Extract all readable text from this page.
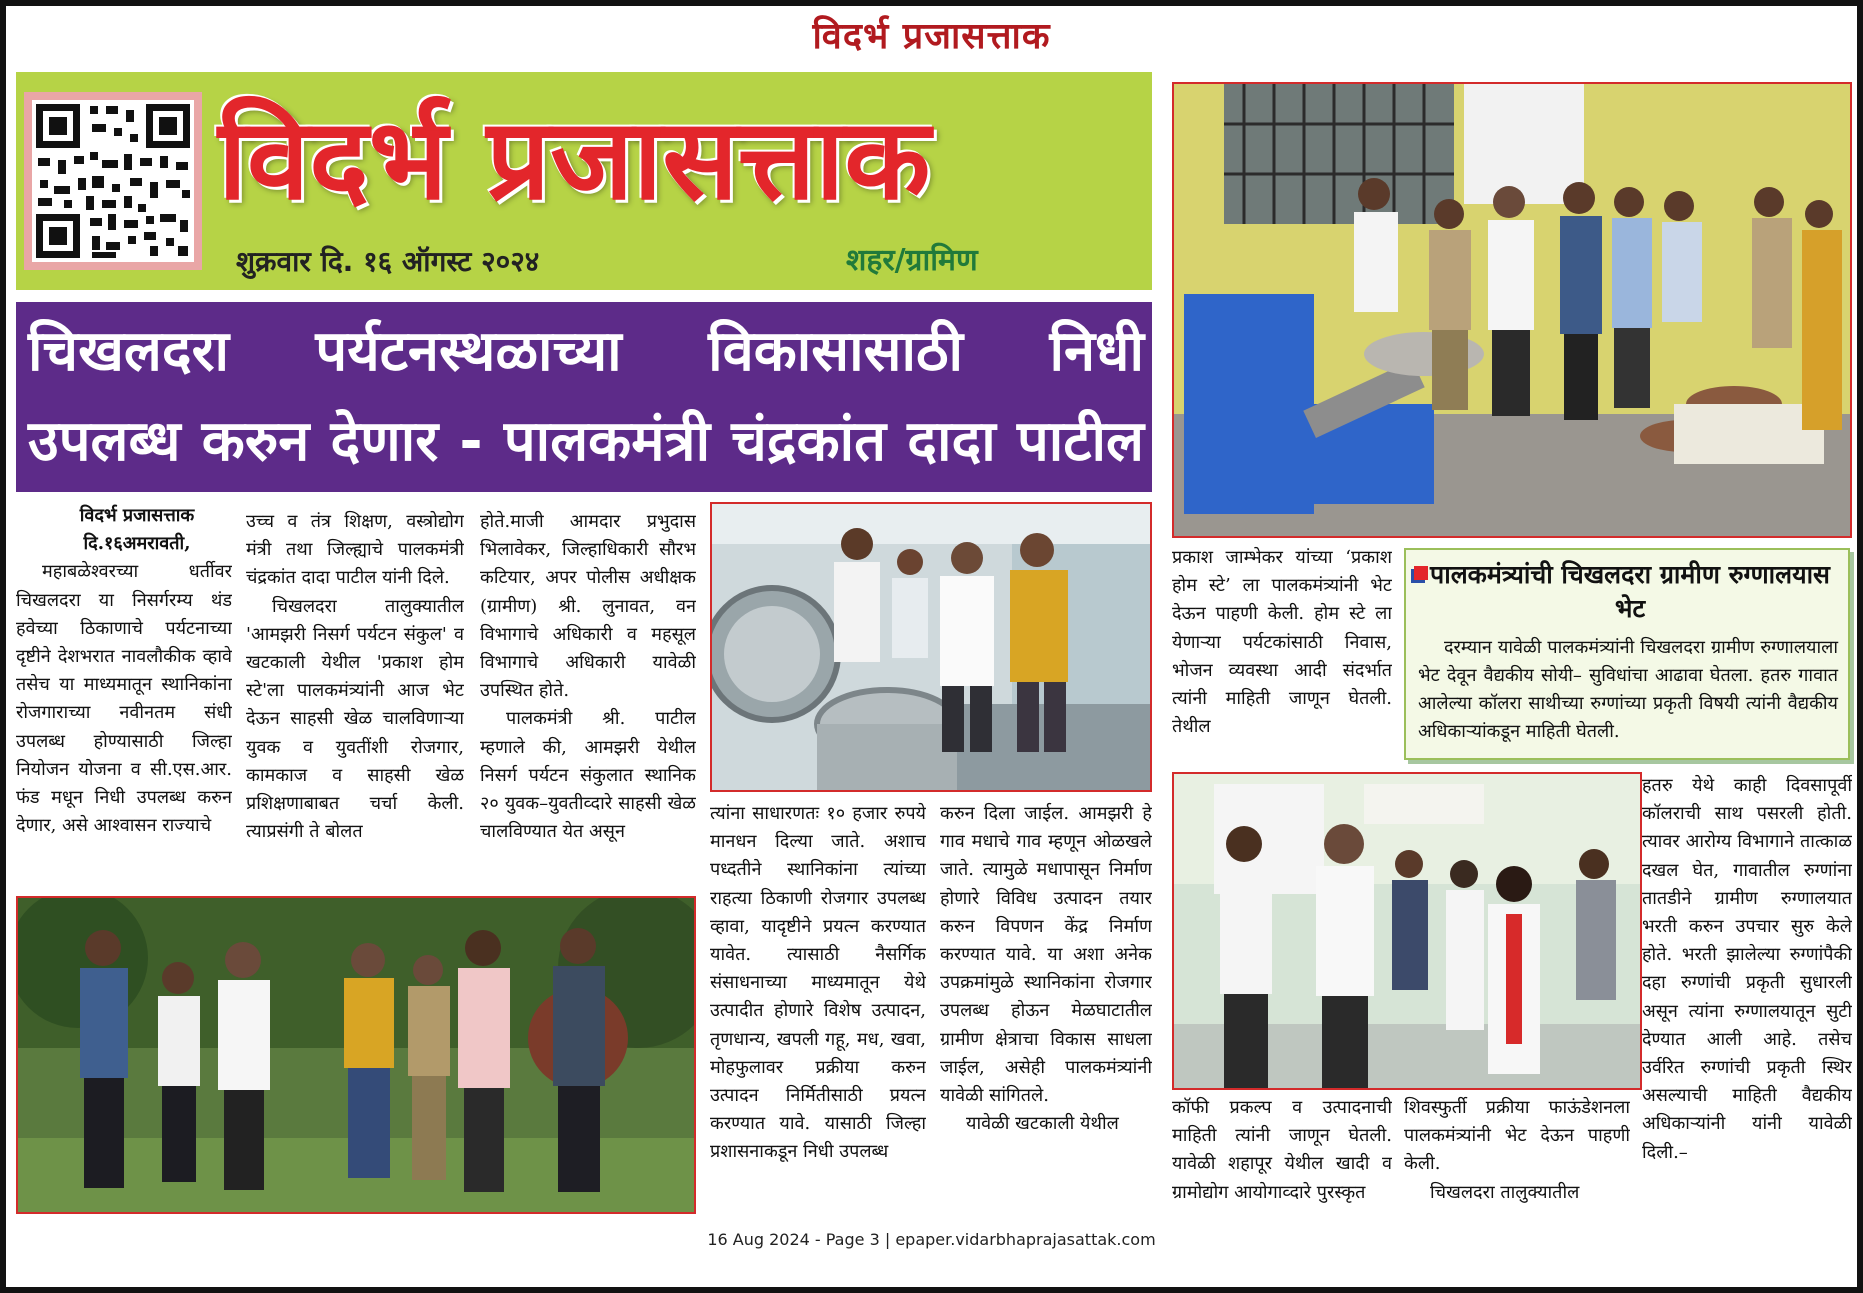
विदर्भ प्रजासत्ताक
विदर्भ प्रजासत्ताक
शुक्रवार दि. १६ ऑगस्ट २०२४	शहर/ग्रामिण
चिखलदरा पर्यटनस्थळाच्या विकासासाठी निधी
उपलब्ध करुन देणार - पालकमंत्री चंद्रकांत दादा पाटील

विदर्भ प्रजासत्ताक

दि.१६अमरावती,

महाबळेश्वरच्या धर्तीवर चिखलदरा या निसर्गरम्य थंड हवेच्या ठिकाणाचे पर्यटनाच्या दृष्टीने देशभरात नावलौकीक व्हावे तसेच या माध्यमातून स्थानिकांना रोजगाराच्या नवीनतम संधी उपलब्ध होण्यासाठी जिल्हा नियोजन योजना व सी.एस.आर. फंड मधून निधी उपलब्ध करुन देणार, असे आश्वासन राज्याचे

उच्च व तंत्र शिक्षण, वस्त्रोद्योग मंत्री तथा जिल्ह्याचे पालकमंत्री चंद्रकांत दादा पाटील यांनी दिले.

चिखलदरा तालुक्यातील 'आमझरी निसर्ग पर्यटन संकुल' व खटकाली येथील 'प्रकाश होम स्टे'ला पालकमंत्र्यांनी आज भेट देऊन साहसी खेळ चालविणाऱ्या युवक व युवतींशी रोजगार, कामकाज व साहसी खेळ प्रशिक्षणाबाबत चर्चा केली. त्याप्रसंगी ते बोलत

होते.माजी आमदार प्रभुदास भिलावेकर, जिल्हाधिकारी सौरभ कटियार, अपर पोलीस अधीक्षक (ग्रामीण) श्री. लुनावत, वन विभागाचे अधिकारी व महसूल विभागाचे अधिकारी यावेळी उपस्थित होते.

पालकमंत्री श्री. पाटील म्हणाले की, आमझरी येथील निसर्ग पर्यटन संकुलात स्थानिक २० युवक–युवतीव्दारे साहसी खेळ चालविण्यात येत असून

त्यांना साधारणतः १० हजार रुपये मानधन दिल्या जाते. अशाच पध्दतीने स्थानिकांना त्यांच्या राहत्या ठिकाणी रोजगार उपलब्ध व्हावा, यादृष्टीने प्रयत्न करण्यात यावेत. त्यासाठी नैसर्गिक संसाधनाच्या माध्यमातून येथे उत्पादीत होणारे विशेष उत्पादन, तृणधान्य, खपली गहू, मध, खवा, मोहफुलावर प्रक्रीया करुन उत्पादन निर्मितीसाठी प्रयत्न करण्यात यावे. यासाठी जिल्हा प्रशासनाकडून निधी उपलब्ध

करुन दिला जाईल. आमझरी हे गाव मधाचे गाव म्हणून ओळखले जाते. त्यामुळे मधापासून निर्माण होणारे विविध उत्पादन तयार करुन विपणन केंद्र निर्माण करण्यात यावे. या अशा अनेक उपक्रमांमुळे स्थानिकांना रोजगार उपलब्ध होऊन मेळघाटातील ग्रामीण क्षेत्राचा विकास साधला जाईल, असेही पालकमंत्र्यांनी यावेळी सांगितले.

यावेळी खटकाली येथील

प्रकाश जाम्भेकर यांच्या ‘प्रकाश होम स्टे’ ला पालकमंत्र्यांनी भेट देऊन पाहणी केली. होम स्टे ला येणाऱ्या पर्यटकांसाठी निवास, भोजन व्यवस्था आदी संदर्भात त्यांनी माहिती जाणून घेतली. तेथील

पालकमंत्र्यांची चिखलदरा ग्रामीण रुग्णालयास भेट

दरम्यान यावेळी पालकमंत्र्यांनी चिखलदरा ग्रामीण रुग्णालयाला भेट देवून वैद्यकीय सोयी– सुविधांचा आढावा घेतला. हतरु गावात आलेल्या कॉलरा साथीच्या रुग्णांच्या प्रकृती विषयी त्यांनी वैद्यकीय अधिकाऱ्यांकडून माहिती घेतली.

कॉफी प्रकल्प व उत्पादनाची माहिती त्यांनी जाणून घेतली. यावेळी शहापूर येथील खादी व ग्रामोद्योग आयोगाव्दारे पुरस्कृत

शिवस्फुर्ती प्रक्रीया फाऊंडेशनला पालकमंत्र्यांनी भेट देऊन पाहणी केली.

चिखलदरा तालुक्यातील

हतरु येथे काही दिवसापूर्वी कॉलराची साथ पसरली होती. त्यावर आरोग्य विभागाने तात्काळ दखल घेत, गावातील रुग्णांना तातडीने ग्रामीण रुग्णालयात भरती करुन उपचार सुरु केले होते. भरती झालेल्या रुग्णांपैकी दहा रुग्णांची प्रकृती सुधारली असून त्यांना रुग्णालयातून सुटी देण्यात आली आहे. तसेच उर्वरित रुग्णांची प्रकृती स्थिर असल्याची माहिती वैद्यकीय अधिकाऱ्यांनी यांनी यावेळी दिली.–

16 Aug 2024 - Page 3 | epaper.vidarbhaprajasattak.com
